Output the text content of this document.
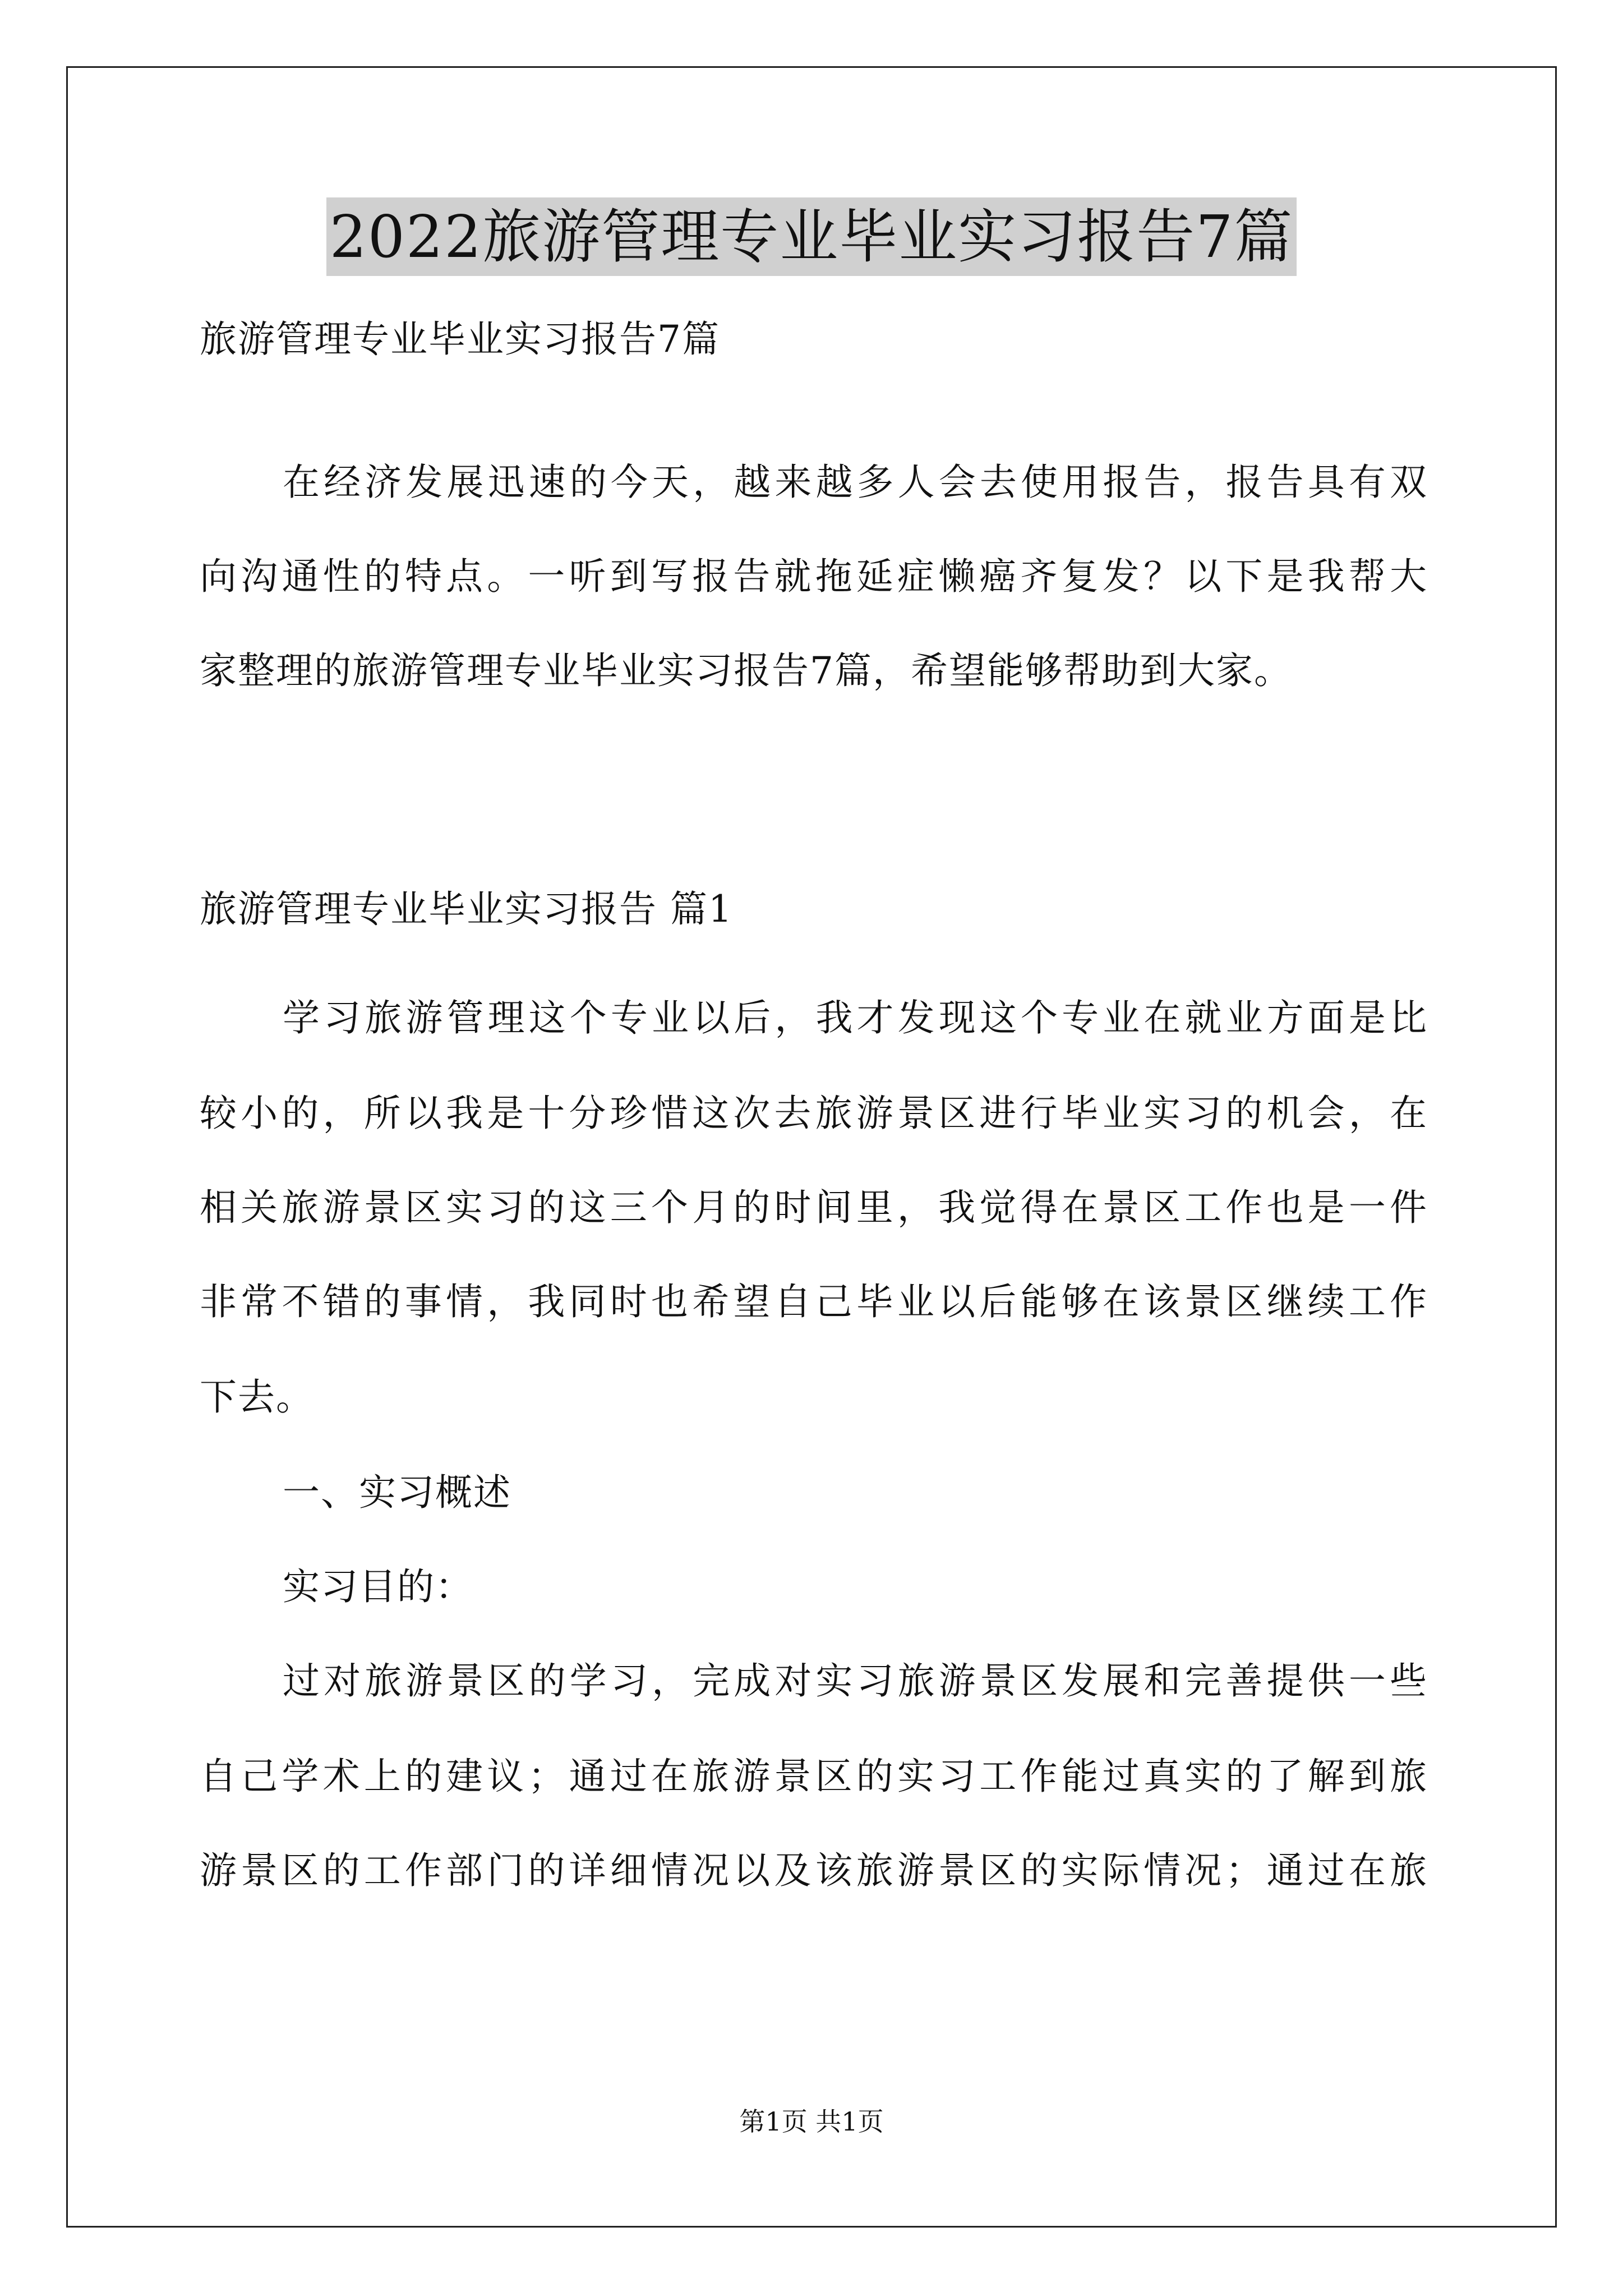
2022旅游管理专业毕业实习报告7篇
旅游管理专业毕业实习报告7篇
在经济发展迅速的今天，越来越多人会去使用报告，报告具有双
向沟通性的特点。一听到写报告就拖延症懒癌齐复发？以下是我帮大
家整理的旅游管理专业毕业实习报告7篇，希望能够帮助到大家。
旅游管理专业毕业实习报告 篇1
学习旅游管理这个专业以后，我才发现这个专业在就业方面是比
较小的，所以我是十分珍惜这次去旅游景区进行毕业实习的机会，在
相关旅游景区实习的这三个月的时间里，我觉得在景区工作也是一件
非常不错的事情，我同时也希望自己毕业以后能够在该景区继续工作
下去。
一、实习概述
实习目的：
过对旅游景区的学习，完成对实习旅游景区发展和完善提供一些
自己学术上的建议；通过在旅游景区的实习工作能过真实的了解到旅
游景区的工作部门的详细情况以及该旅游景区的实际情况；通过在旅
第1页 共1页
